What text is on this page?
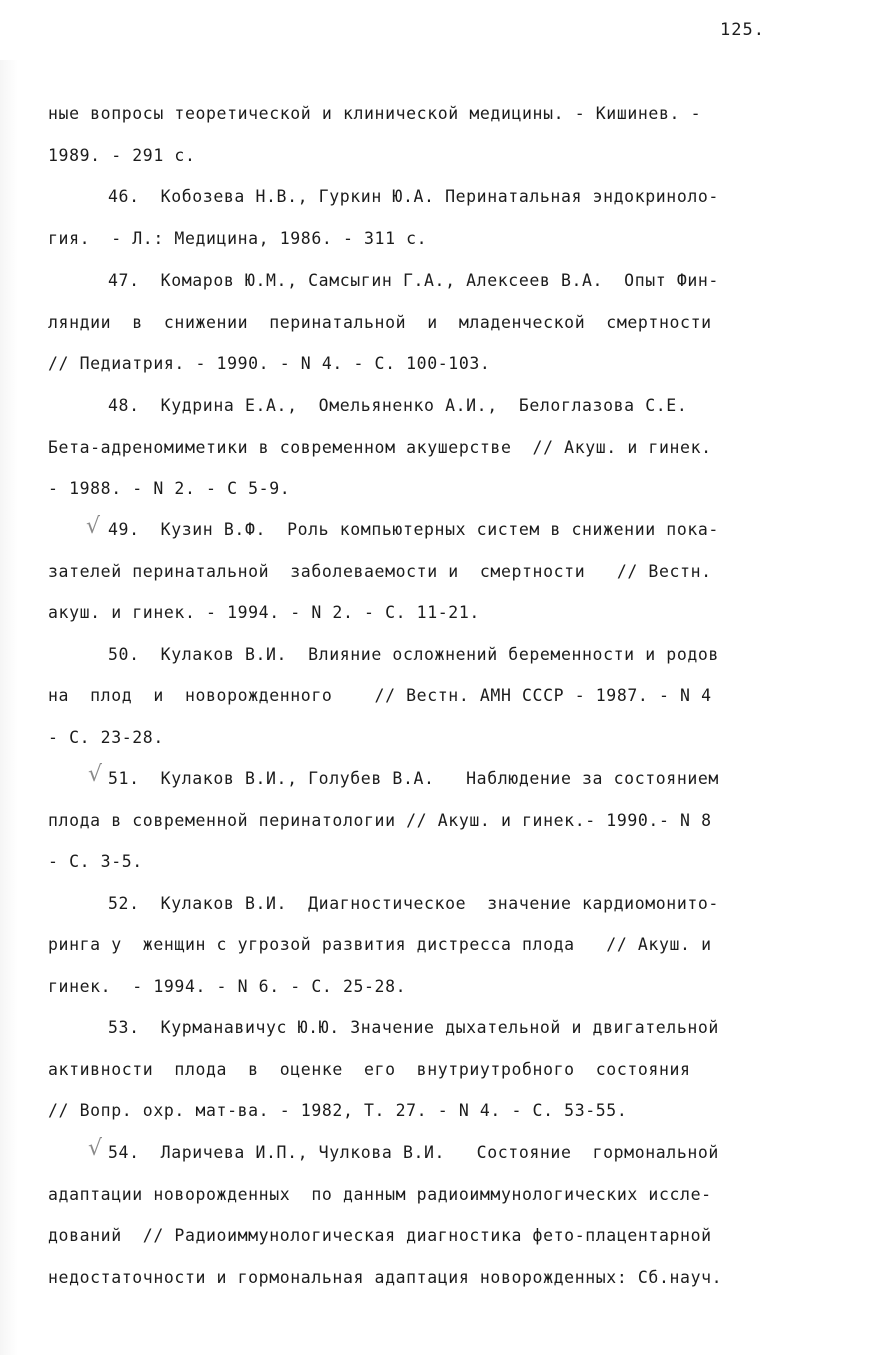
125.
ные вопросы теоретической и клинической медицины. - Кишинев. -
1989. - 291 с.
46.  Кобозева Н.В., Гуркин Ю.А. Перинатальная эндокриноло-
гия.  - Л.: Медицина, 1986. - 311 с.
47.  Комаров Ю.М., Самсыгин Г.А., Алексеев В.А.  Опыт Фин-
ляндии  в  снижении  перинатальной  и  младенческой  смертности
// Педиатрия. - 1990. - N 4. - С. 100-103.
48.  Кудрина Е.А.,  Омельяненко А.И.,  Белоглазова С.Е.
Бета-адреномиметики в современном акушерстве  // Акуш. и гинек.
- 1988. - N 2. - С 5-9.
√ 49.  Кузин В.Ф.  Роль компьютерных систем в снижении пока-
зателей перинатальной  заболеваемости и  смертности   // Вестн.
акуш. и гинек. - 1994. - N 2. - С. 11-21.
50.  Кулаков В.И.  Влияние осложнений беременности и родов
на  плод  и  новорожденного    // Вестн. АМН СССР - 1987. - N 4
- С. 23-28.
√ 51.  Кулаков В.И., Голубев В.А.   Наблюдение за состоянием
плода в современной перинатологии // Акуш. и гинек.- 1990.- N 8
- С. 3-5.
52.  Кулаков В.И.  Диагностическое  значение кардиомонито-
ринга у  женщин с угрозой развития дистресса плода   // Акуш. и
гинек.  - 1994. - N 6. - С. 25-28.
53.  Курманавичус Ю.Ю. Значение дыхательной и двигательной
активности  плода  в  оценке  его  внутриутробного  состояния
// Вопр. охр. мат-ва. - 1982, Т. 27. - N 4. - С. 53-55.
√ 54.  Ларичева И.П., Чулкова В.И.   Состояние  гормональной
адаптации новорожденных  по данным радиоиммунологических иссле-
дований  // Радиоиммунологическая диагностика фето-плацентарной
недостаточности и гормональная адаптация новорожденных: Сб.науч.
